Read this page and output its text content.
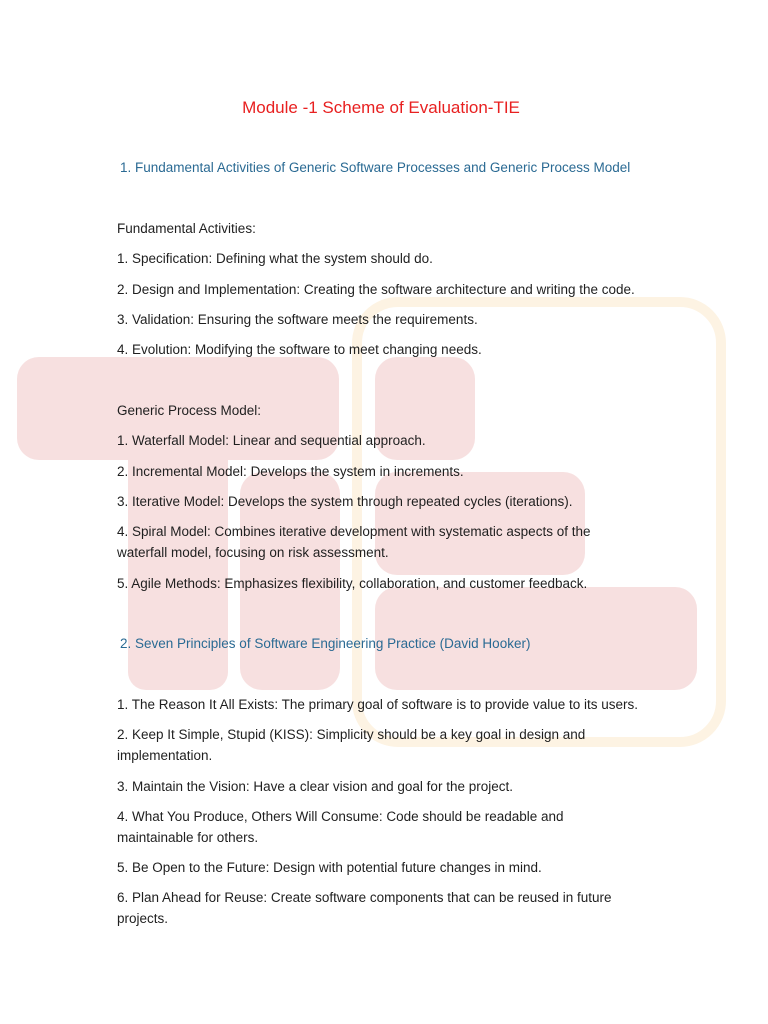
Module -1 Scheme of Evaluation-TIE

1. Fundamental Activities of Generic Software Processes and Generic Process Model

Fundamental Activities:

1. Specification: Defining what the system should do.

2. Design and Implementation: Creating the software architecture and writing the code.

3. Validation: Ensuring the software meets the requirements.

4. Evolution: Modifying the software to meet changing needs.

Generic Process Model:

1. Waterfall Model: Linear and sequential approach.

2. Incremental Model: Develops the system in increments.

3. Iterative Model: Develops the system through repeated cycles (iterations).

4. Spiral Model: Combines iterative development with systematic aspects of the waterfall model, focusing on risk assessment.

5. Agile Methods: Emphasizes flexibility, collaboration, and customer feedback.

2. Seven Principles of Software Engineering Practice (David Hooker)

1. The Reason It All Exists: The primary goal of software is to provide value to its users.

2. Keep It Simple, Stupid (KISS): Simplicity should be a key goal in design and implementation.

3. Maintain the Vision: Have a clear vision and goal for the project.

4. What You Produce, Others Will Consume: Code should be readable and maintainable for others.

5. Be Open to the Future: Design with potential future changes in mind.

6. Plan Ahead for Reuse: Create software components that can be reused in future projects.
